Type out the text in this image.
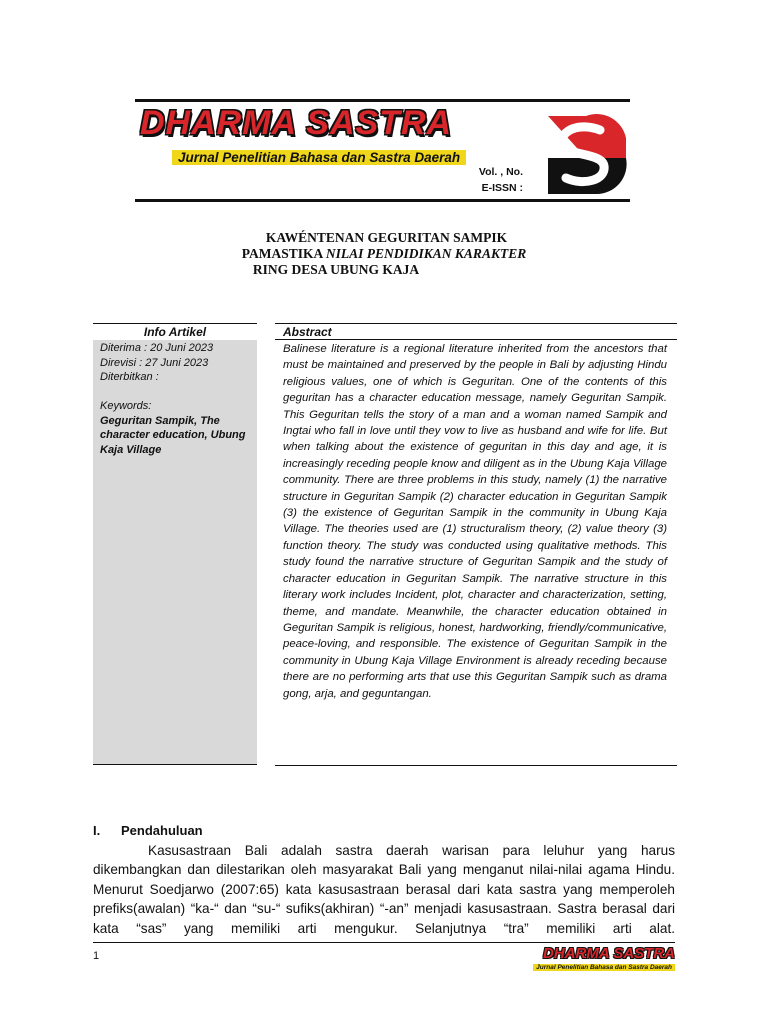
DHARMA SASTRA
Jurnal Penelitian Bahasa dan Sastra Daerah
Vol. , No.
E-ISSN :
KAWÉNTENAN GEGURITAN SAMPIK
PAMASTIKA NILAI PENDIDIKAN KARAKTER
RING DESA UBUNG KAJA
Info Artikel
Diterima : 20 Juni 2023
Direvisi : 27 Juni 2023
Diterbitkan :
Keywords:
Geguritan Sampik, The character education, Ubung Kaja Village
Abstract
Balinese literature is a regional literature inherited from the ancestors that must be maintained and preserved by the people in Bali by adjusting Hindu religious values, one of which is Geguritan. One of the contents of this geguritan has a character education message, namely Geguritan Sampik. This Geguritan tells the story of a man and a woman named Sampik and Ingtai who fall in love until they vow to live as husband and wife for life. But when talking about the existence of geguritan in this day and age, it is increasingly receding people know and diligent as in the Ubung Kaja Village community. There are three problems in this study, namely (1) the narrative structure in Geguritan Sampik (2) character education in Geguritan Sampik (3) the existence of Geguritan Sampik in the community in Ubung Kaja Village. The theories used are (1) structuralism theory, (2) value theory (3) function theory. The study was conducted using qualitative methods. This study found the narrative structure of Geguritan Sampik and the study of character education in Geguritan Sampik. The narrative structure in this literary work includes Incident, plot, character and characterization, setting, theme, and mandate. Meanwhile, the character education obtained in Geguritan Sampik is religious, honest, hardworking, friendly/communicative, peace-loving, and responsible. The existence of Geguritan Sampik in the community in Ubung Kaja Village Environment is already receding because there are no performing arts that use this Geguritan Sampik such as drama gong, arja, and geguntangan.
I. Pendahuluan

Kasusastraan Bali adalah sastra daerah warisan para leluhur yang harus dikembangkan dan dilestarikan oleh masyarakat Bali yang menganut nilai-nilai agama Hindu. Menurut Soedjarwo (2007:65) kata kasusastraan berasal dari kata sastra yang memperoleh prefiks(awalan) “ka-“ dan “su-“ sufiks(akhiran) “-an” menjadi kasusastraan. Sastra berasal dari kata “sas” yang memiliki arti mengukur. Selanjutnya “tra” memiliki arti alat.

1	DHARMA SASTRA
Jurnal Penelitian Bahasa dan Sastra Daerah
